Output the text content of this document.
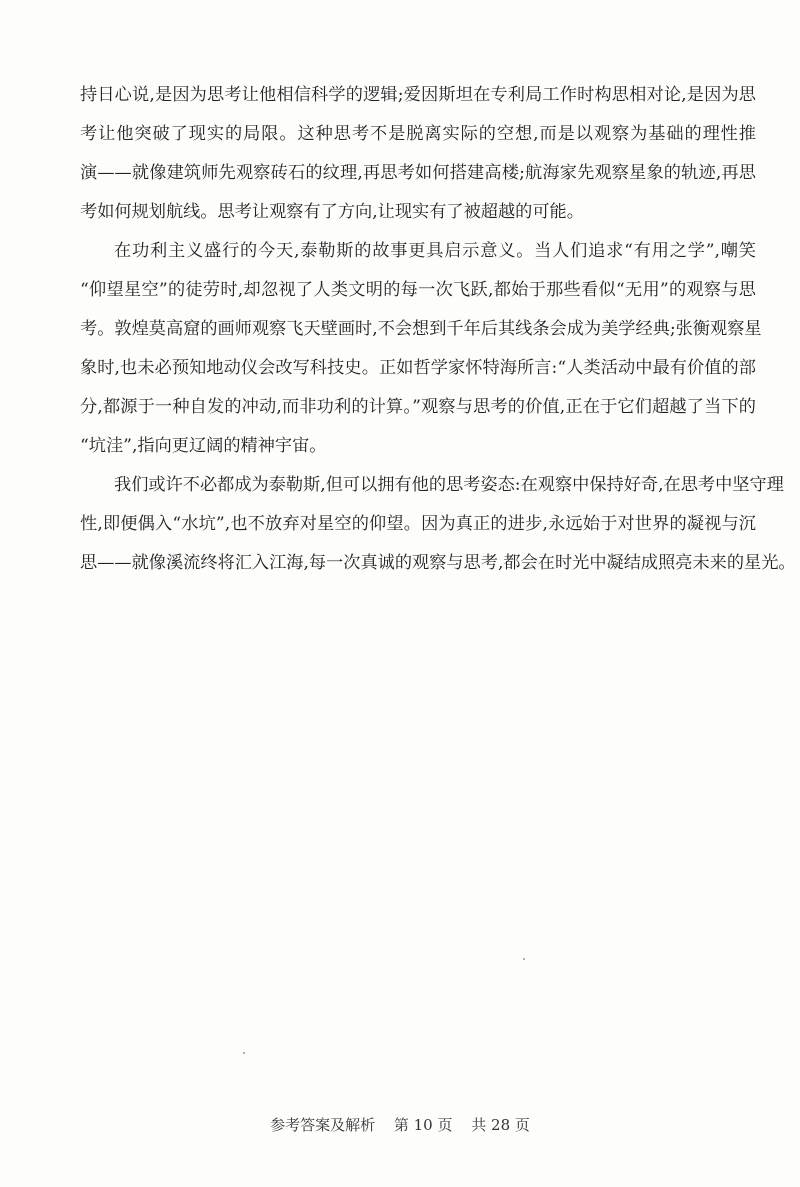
持日心说,是因为思考让他相信科学的逻辑;爱因斯坦在专利局工作时构思相对论,是因为思
考让他突破了现实的局限。这种思考不是脱离实际的空想,而是以观察为基础的理性推
演——就像建筑师先观察砖石的纹理,再思考如何搭建高楼;航海家先观察星象的轨迹,再思
考如何规划航线。思考让观察有了方向,让现实有了被超越的可能。
在功利主义盛行的今天,泰勒斯的故事更具启示意义。当人们追求“有用之学”,嘲笑
“仰望星空”的徒劳时,却忽视了人类文明的每一次飞跃,都始于那些看似“无用”的观察与思
考。敦煌莫高窟的画师观察飞天壁画时,不会想到千年后其线条会成为美学经典;张衡观察星
象时,也未必预知地动仪会改写科技史。正如哲学家怀特海所言:“人类活动中最有价值的部
分,都源于一种自发的冲动,而非功利的计算。”观察与思考的价值,正在于它们超越了当下的
“坑洼”,指向更辽阔的精神宇宙。
我们或许不必都成为泰勒斯,但可以拥有他的思考姿态:在观察中保持好奇,在思考中坚守理
性,即便偶入“水坑”,也不放弃对星空的仰望。因为真正的进步,永远始于对世界的凝视与沉
思——就像溪流终将汇入江海,每一次真诚的观察与思考,都会在时光中凝结成照亮未来的星光。
参考答案及解析 第 10 页 共 28 页
